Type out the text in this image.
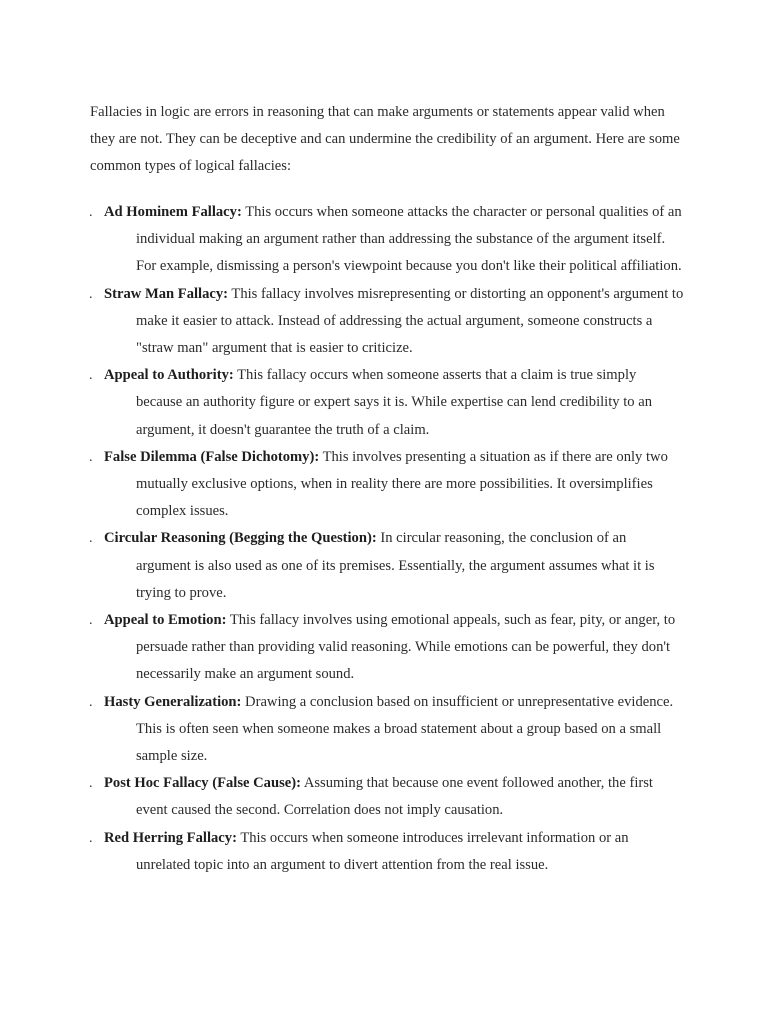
Fallacies in logic are errors in reasoning that can make arguments or statements appear valid when they are not. They can be deceptive and can undermine the credibility of an argument. Here are some common types of logical fallacies:

. Ad Hominem Fallacy: This occurs when someone attacks the character or personal qualities of an individual making an argument rather than addressing the substance of the argument itself. For example, dismissing a person's viewpoint because you don't like their political affiliation.
. Straw Man Fallacy: This fallacy involves misrepresenting or distorting an opponent's argument to make it easier to attack. Instead of addressing the actual argument, someone constructs a "straw man" argument that is easier to criticize.
. Appeal to Authority: This fallacy occurs when someone asserts that a claim is true simply because an authority figure or expert says it is. While expertise can lend credibility to an argument, it doesn't guarantee the truth of a claim.
. False Dilemma (False Dichotomy): This involves presenting a situation as if there are only two mutually exclusive options, when in reality there are more possibilities. It oversimplifies complex issues.
. Circular Reasoning (Begging the Question): In circular reasoning, the conclusion of an argument is also used as one of its premises. Essentially, the argument assumes what it is trying to prove.
. Appeal to Emotion: This fallacy involves using emotional appeals, such as fear, pity, or anger, to persuade rather than providing valid reasoning. While emotions can be powerful, they don't necessarily make an argument sound.
. Hasty Generalization: Drawing a conclusion based on insufficient or unrepresentative evidence. This is often seen when someone makes a broad statement about a group based on a small sample size.
. Post Hoc Fallacy (False Cause): Assuming that because one event followed another, the first event caused the second. Correlation does not imply causation.
. Red Herring Fallacy: This occurs when someone introduces irrelevant information or an unrelated topic into an argument to divert attention from the real issue.
